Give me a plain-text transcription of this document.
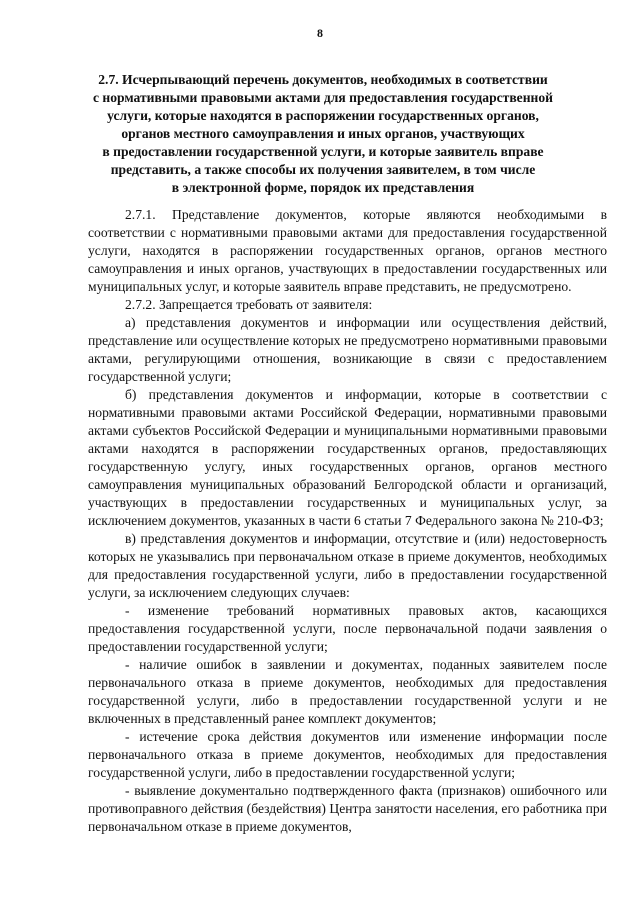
8
2.7. Исчерпывающий перечень документов, необходимых в соответствии
с нормативными правовыми актами для предоставления государственной
услуги, которые находятся в распоряжении государственных органов,
органов местного самоуправления и иных органов, участвующих
в предоставлении государственной услуги, и которые заявитель вправе
представить, а также способы их получения заявителем, в том числе
в электронной форме, порядок их представления

2.7.1. Представление документов, которые являются необходимыми в соответствии с нормативными правовыми актами для предоставления государственной услуги, находятся в распоряжении государственных органов, органов местного самоуправления и иных органов, участвующих в предоставлении государственных или муниципальных услуг, и которые заявитель вправе представить, не предусмотрено.

2.7.2. Запрещается требовать от заявителя:

а) представления документов и информации или осуществления действий, представление или осуществление которых не предусмотрено нормативными правовыми актами, регулирующими отношения, возникающие в связи с предоставлением государственной услуги;

б) представления документов и информации, которые в соответствии с нормативными правовыми актами Российской Федерации, нормативными правовыми актами субъектов Российской Федерации и муниципальными нормативными правовыми актами находятся в распоряжении государственных органов, предоставляющих государственную услугу, иных государственных органов, органов местного самоуправления муниципальных образований Белгородской области и организаций, участвующих в предоставлении государственных и муниципальных услуг, за исключением документов, указанных в части 6 статьи 7 Федерального закона № 210-ФЗ;

в) представления документов и информации, отсутствие и (или) недостоверность которых не указывались при первоначальном отказе в приеме документов, необходимых для предоставления государственной услуги, либо в предоставлении государственной услуги, за исключением следующих случаев:

- изменение требований нормативных правовых актов, касающихся предоставления государственной услуги, после первоначальной подачи заявления о предоставлении государственной услуги;

- наличие ошибок в заявлении и документах, поданных заявителем после первоначального отказа в приеме документов, необходимых для предоставления государственной услуги, либо в предоставлении государственной услуги и не включенных в представленный ранее комплект документов;

- истечение срока действия документов или изменение информации после первоначального отказа в приеме документов, необходимых для предоставления государственной услуги, либо в предоставлении государственной услуги;

- выявление документально подтвержденного факта (признаков) ошибочного или противоправного действия (бездействия) Центра занятости населения, его работника при первоначальном отказе в приеме документов,
